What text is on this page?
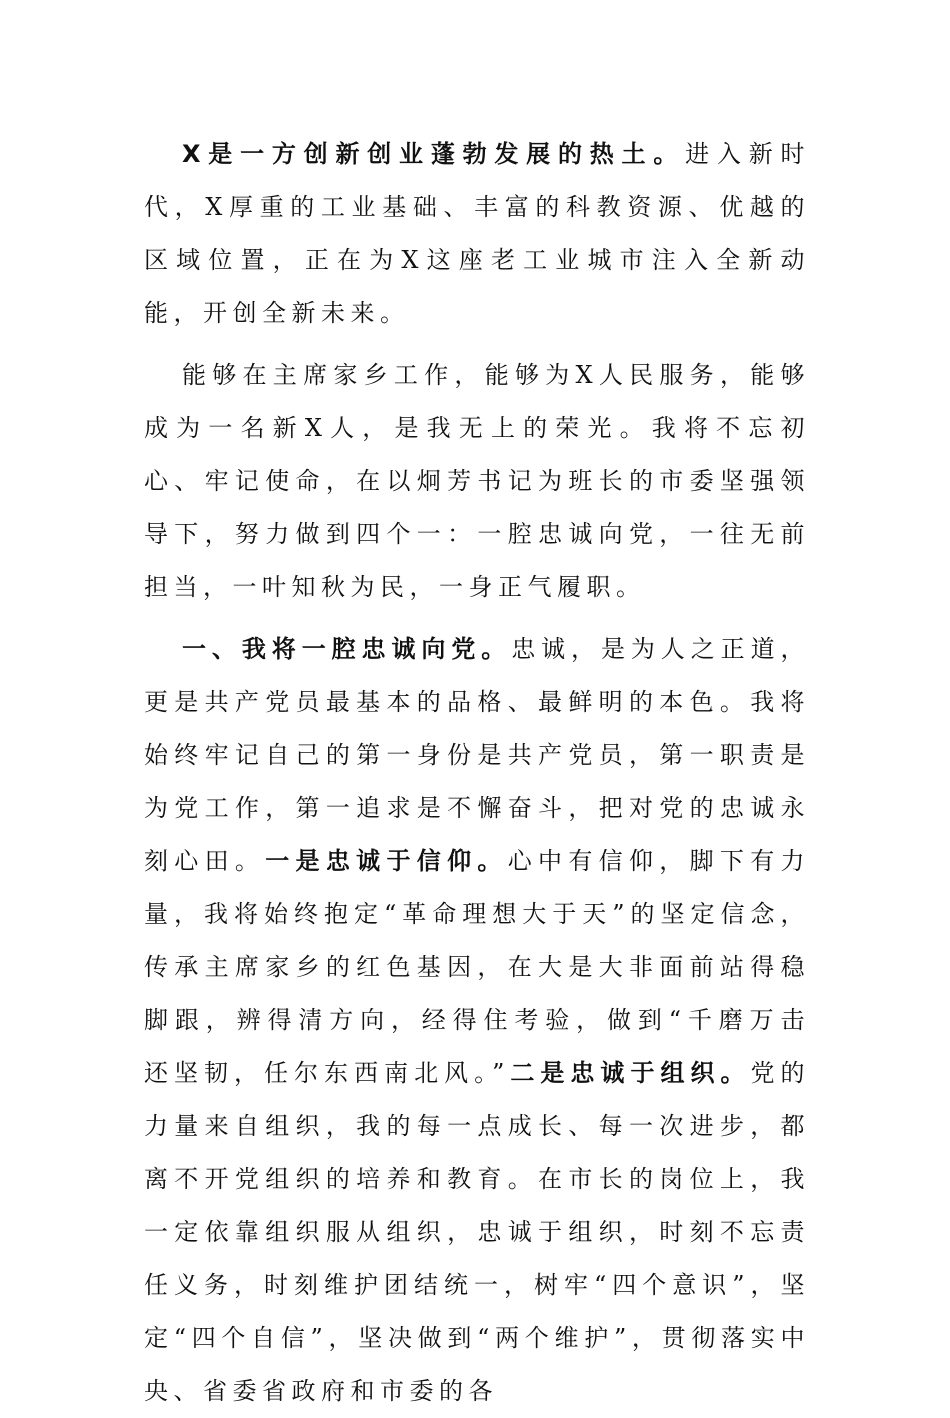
X是一方创新创业蓬勃发展的热土。进入新时代，X厚重的工业基础、丰富的科教资源、优越的区域位置，正在为X这座老工业城市注入全新动能，开创全新未来。

能够在主席家乡工作，能够为X人民服务，能够成为一名新X人，是我无上的荣光。我将不忘初心、牢记使命，在以炯芳书记为班长的市委坚强领导下，努力做到四个一：一腔忠诚向党，一往无前担当，一叶知秋为民，一身正气履职。

一、我将一腔忠诚向党。忠诚，是为人之正道，更是共产党员最基本的品格、最鲜明的本色。我将始终牢记自己的第一身份是共产党员，第一职责是为党工作，第一追求是不懈奋斗，把对党的忠诚永刻心田。一是忠诚于信仰。心中有信仰，脚下有力量，我将始终抱定“革命理想大于天”的坚定信念，传承主席家乡的红色基因，在大是大非面前站得稳脚跟，辨得清方向，经得住考验，做到“千磨万击还坚韧，任尔东西南北风。”二是忠诚于组织。党的力量来自组织，我的每一点成长、每一次进步，都离不开党组织的培养和教育。在市长的岗位上，我一定依靠组织服从组织，忠诚于组织，时刻不忘责任义务，时刻维护团结统一，树牢“四个意识”，坚定“四个自信”，坚决做到“两个维护”，贯彻落实中央、省委省政府和市委的各
